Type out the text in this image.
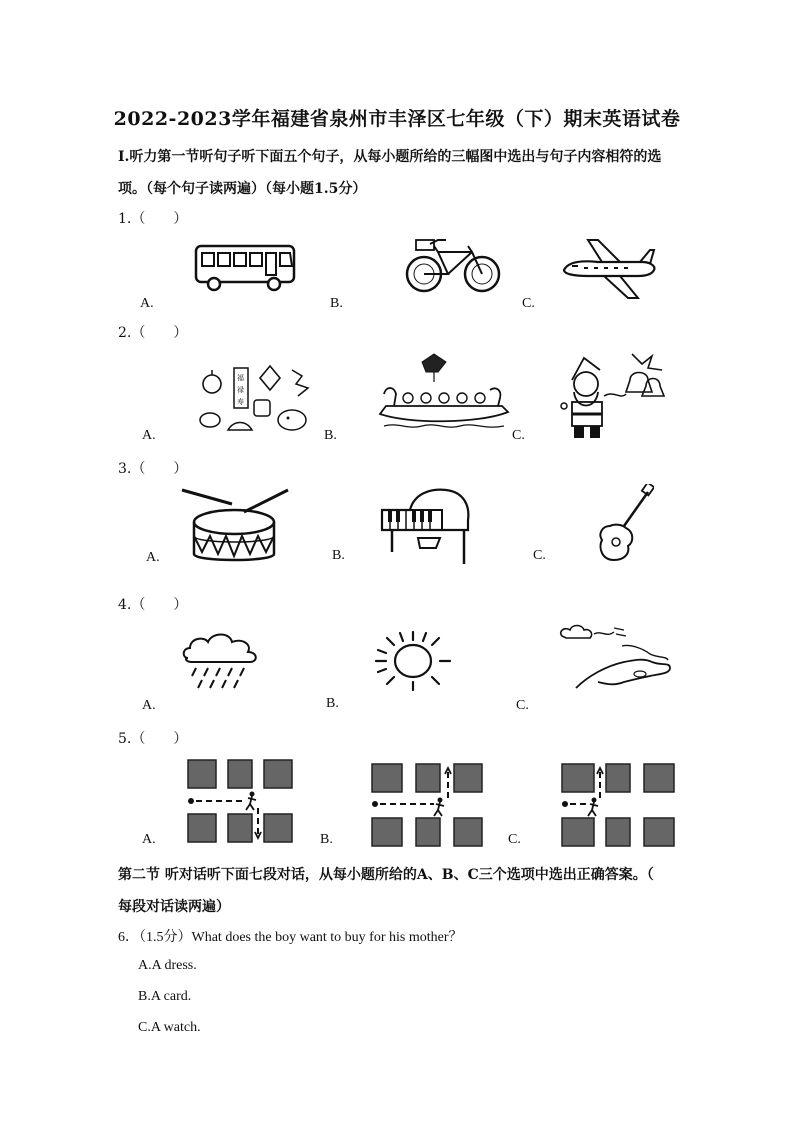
2022-2023学年福建省泉州市丰泽区七年级（下）期末英语试卷
Ⅰ.听力第一节听句子听下面五个句子，从每小题所给的三幅图中选出与句子内容相符的选
项。（每个句子读两遍）（每小题1.5分）
1.（　　）
A.	B.	C.
2.（　　）
A.	B.	C.
福
禄
寿
3.（　　）
A.	B.	C.
4.（　　）
A.	B.	C.
5.（　　）
A.	B.	C.
第二节 听对话听下面七段对话，从每小题所给的A、B、C三个选项中选出正确答案。（
每段对话读两遍）
6．（1.5分）What does the boy want to buy for his mother？
A.A dress.
B.A card.
C.A watch.
